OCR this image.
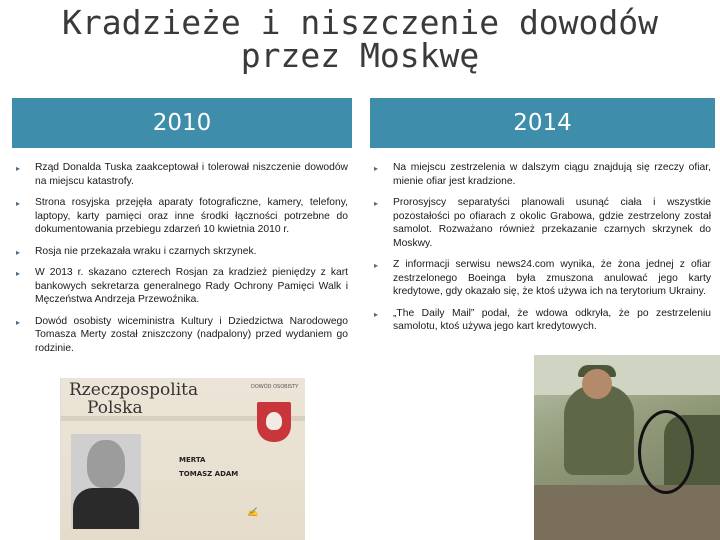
Kradzieże i niszczenie dowodów
przez Moskwę
2010	2014
▸ Rząd Donalda Tuska zaakceptował i tolerował niszczenie dowodów na miejscu katastrofy.
▸ Strona rosyjska przejęła aparaty fotograficzne, kamery, telefony, laptopy, karty pamięci oraz inne środki łączności potrzebne do dokumentowania przebiegu zdarzeń 10 kwietnia 2010 r.
▸ Rosja nie przekazała wraku i czarnych skrzynek.
▸ W 2013 r. skazano czterech Rosjan za kradzież pieniędzy z kart bankowych sekretarza generalnego Rady Ochrony Pamięci Walk i Męczeństwa Andrzeja Przewoźnika.
▸ Dowód osobisty wiceministra Kultury i Dziedzictwa Narodowego Tomasza Merty został zniszczony (nadpalony) przed wydaniem go rodzinie.
▸ Na miejscu zestrzelenia w dalszym ciągu znajdują się rzeczy ofiar, mienie ofiar jest kradzione.
▸ Prorosyjscy separatyści planowali usunąć ciała i wszystkie pozostałości po ofiarach z okolic Grabowa, gdzie zestrzelony został samolot. Rozważano również przekazanie czarnych skrzynek do Moskwy.
▸ Z informacji serwisu news24.com wynika, że żona jednej z ofiar zestrzelonego Boeinga była zmuszona anulować jego karty kredytowe, gdy okazało się, że ktoś używa ich na terytorium Ukrainy.
▸ „The Daily Mail” podał, że wdowa odkryła, że po zestrzeleniu samolotu, ktoś używa jego kart kredytowych.
Rzeczpospolita
Polska
DOWÓD OSOBISTY
MERTA
TOMASZ ADAM
✍
